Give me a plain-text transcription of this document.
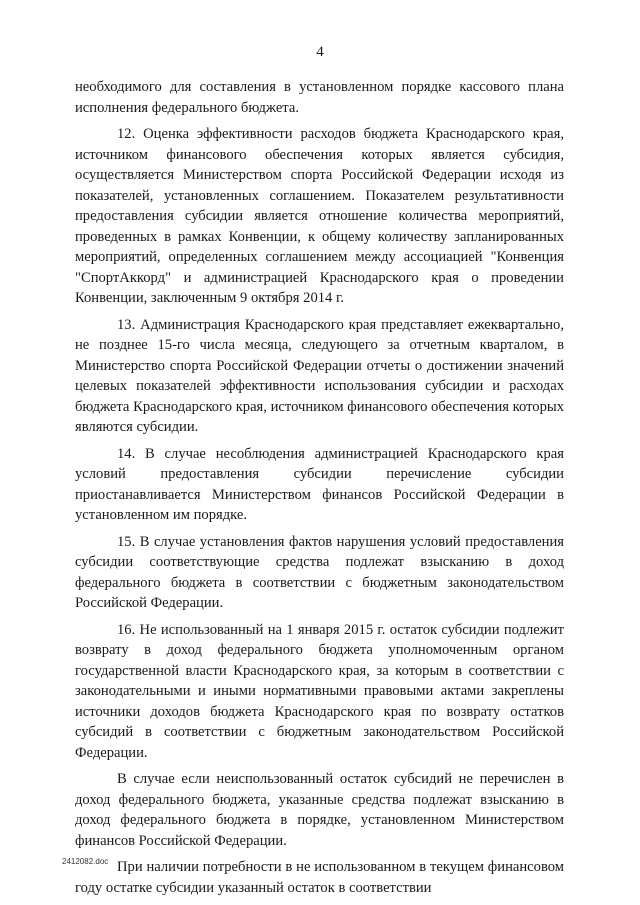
4

необходимого для составления в установленном порядке кассового плана исполнения федерального бюджета.

12. Оценка эффективности расходов бюджета Краснодарского края, источником финансового обеспечения которых является субсидия, осуществляется Министерством спорта Российской Федерации исходя из показателей, установленных соглашением. Показателем результативности предоставления субсидии является отношение количества мероприятий, проведенных в рамках Конвенции, к общему количеству запланированных мероприятий, определенных соглашением между ассоциацией "Конвенция "СпортАккорд" и администрацией Краснодарского края о проведении Конвенции, заключенным 9 октября 2014 г.

13. Администрация Краснодарского края представляет ежеквартально, не позднее 15-го числа месяца, следующего за отчетным кварталом, в Министерство спорта Российской Федерации отчеты о достижении значений целевых показателей эффективности использования субсидии и расходах бюджета Краснодарского края, источником финансового обеспечения которых являются субсидии.

14. В случае несоблюдения администрацией Краснодарского края условий предоставления субсидии перечисление субсидии приостанавливается Министерством финансов Российской Федерации в установленном им порядке.

15. В случае установления фактов нарушения условий предоставления субсидии соответствующие средства подлежат взысканию в доход федерального бюджета в соответствии с бюджетным законодательством Российской Федерации.

16. Не использованный на 1 января 2015 г. остаток субсидии подлежит возврату в доход федерального бюджета уполномоченным органом государственной власти Краснодарского края, за которым в соответствии с законодательными и иными нормативными правовыми актами закреплены источники доходов бюджета Краснодарского края по возврату остатков субсидий в соответствии с бюджетным законодательством Российской Федерации.

В случае если неиспользованный остаток субсидий не перечислен в доход федерального бюджета, указанные средства подлежат взысканию в доход федерального бюджета в порядке, установленном Министерством финансов Российской Федерации.

При наличии потребности в не использованном в текущем финансовом году остатке субсидии указанный остаток в соответствии

2412082.doc
